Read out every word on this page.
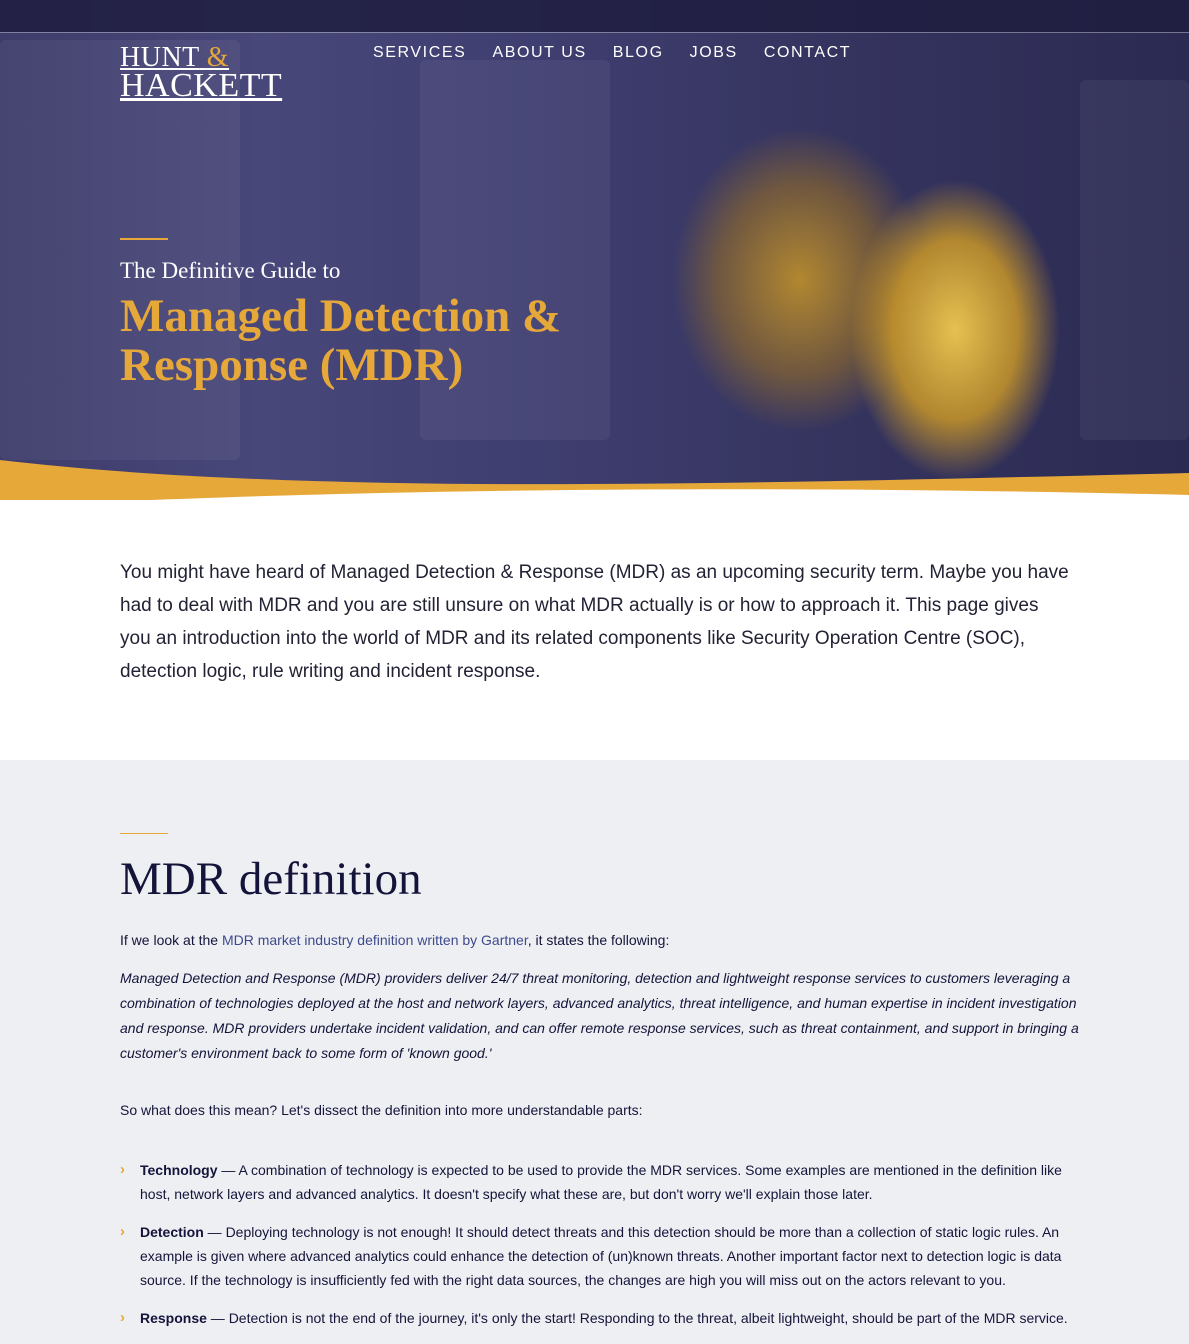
HUNT &
HACKETT
SERVICES ABOUT US BLOG JOBS CONTACT
The Definitive Guide to
Managed Detection & Response (MDR)

You might have heard of Managed Detection & Response (MDR) as an upcoming security term. Maybe you have had to deal with MDR and you are still unsure on what MDR actually is or how to approach it. This page gives you an introduction into the world of MDR and its related components like Security Operation Centre (SOC), detection logic, rule writing and incident response.

MDR definition

If we look at the MDR market industry definition written by Gartner, it states the following:

Managed Detection and Response (MDR) providers deliver 24/7 threat monitoring, detection and lightweight response services to customers leveraging a combination of technologies deployed at the host and network layers, advanced analytics, threat intelligence, and human expertise in incident investigation and response. MDR providers undertake incident validation, and can offer remote response services, such as threat containment, and support in bringing a customer's environment back to some form of 'known good.'

So what does this mean? Let's dissect the definition into more understandable parts:

› Technology — A combination of technology is expected to be used to provide the MDR services. Some examples are mentioned in the definition like host, network layers and advanced analytics. It doesn't specify what these are, but don't worry we'll explain those later.
› Detection — Deploying technology is not enough! It should detect threats and this detection should be more than a collection of static logic rules. An example is given where advanced analytics could enhance the detection of (un)known threats. Another important factor next to detection logic is data source. If the technology is insufficiently fed with the right data sources, the changes are high you will miss out on the actors relevant to you.
› Response — Detection is not the end of the journey, it's only the start! Responding to the threat, albeit lightweight, should be part of the MDR service.
